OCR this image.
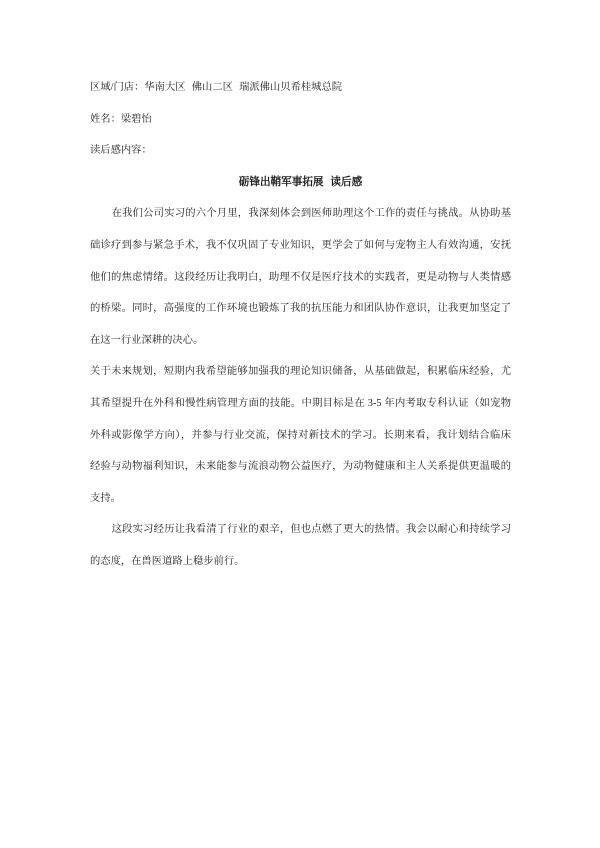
区域/门店：华南大区 佛山二区 瑞派佛山贝希桂城总院
姓名：梁碧怡
读后感内容：
砺锋出鞘军事拓展 读后感
在我们公司实习的六个月里，我深刻体会到医师助理这个工作的责任与挑战。从协助基
础诊疗到参与紧急手术，我不仅巩固了专业知识，更学会了如何与宠物主人有效沟通，安抚
他们的焦虑情绪。这段经历让我明白，助理不仅是医疗技术的实践者，更是动物与人类情感
的桥梁。同时，高强度的工作环境也锻炼了我的抗压能力和团队协作意识，让我更加坚定了
在这一行业深耕的决心。
关于未来规划，短期内我希望能够加强我的理论知识储备，从基础做起，积累临床经验，尤
其希望提升在外科和慢性病管理方面的技能。中期目标是在 3-5 年内考取专科认证（如宠物
外科或影像学方向），并参与行业交流，保持对新技术的学习。长期来看，我计划结合临床
经验与动物福利知识，未来能参与流浪动物公益医疗，为动物健康和主人关系提供更温暖的
支持。
这段实习经历让我看清了行业的艰辛，但也点燃了更大的热情。我会以耐心和持续学习
的态度，在兽医道路上稳步前行。
